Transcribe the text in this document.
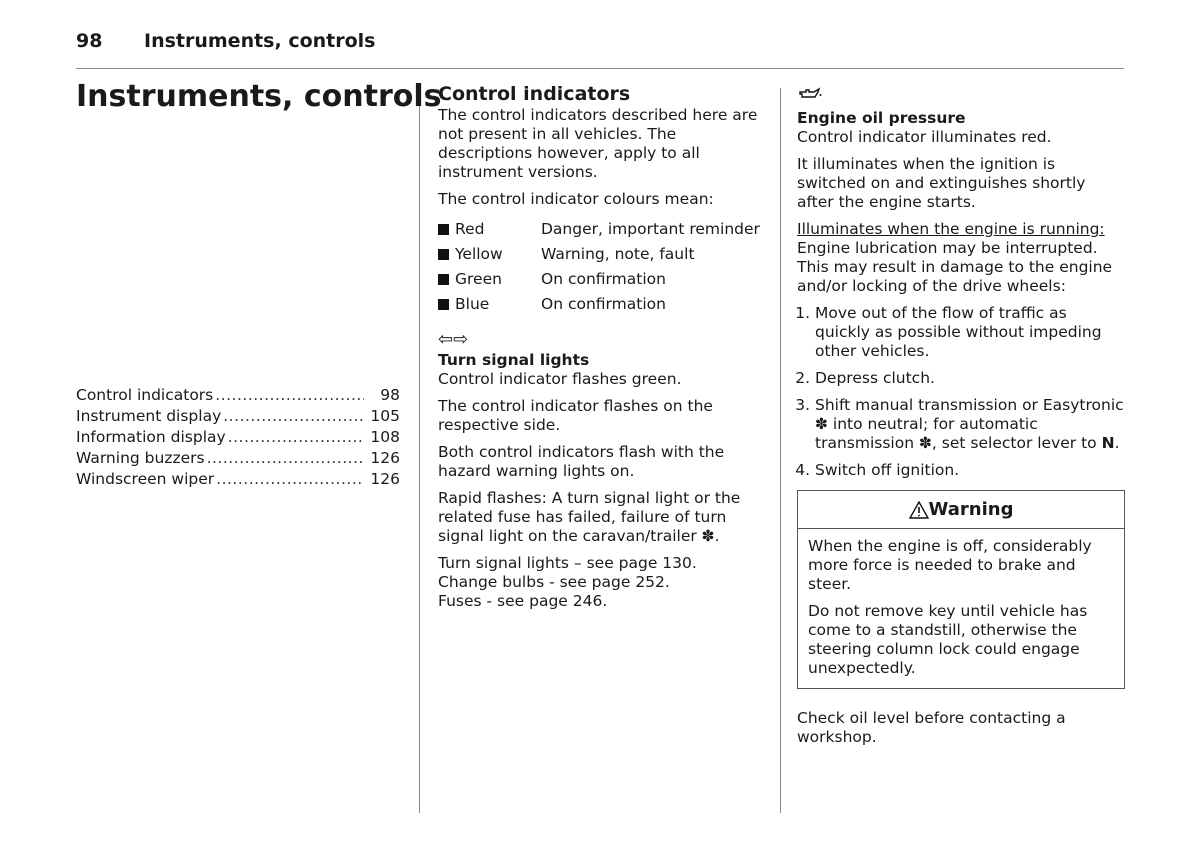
98 Instruments, controls
Instruments, controls
Control indicators .....	98
Instrument display .....	105
Information display .....	108
Warning buzzers .....	126
Windscreen wiper .....	126
Control indicators

The control indicators described here are not present in all vehicles. The descriptions however, apply to all instrument versions.

The control indicator colours mean:

Red	Danger, important reminder
Yellow Warning, note, fault
Green	On confirmation
Blue	On confirmation
⇦⇨
Turn signal lights

Control indicator flashes green.

The control indicator flashes on the respective side.

Both control indicators flash with the hazard warning lights on.

Rapid flashes: A turn signal light or the related fuse has failed, failure of turn signal light on the caravan/trailer ✽.

Turn signal lights – see page 130.
Change bulbs - see page 252.
Fuses - see page 246.
Engine oil pressure

Control indicator illuminates red.

It illuminates when the ignition is switched on and extinguishes shortly after the engine starts.

Illuminates when the engine is running:

Engine lubrication may be interrupted. This may result in damage to the engine and/or locking of the drive wheels:

1. Move out of the flow of traffic as quickly as possible without impeding other vehicles.
2. Depress clutch.
3. Shift manual transmission or Easytronic ✽ into neutral; for automatic transmission ✽, set selector lever to N.
4. Switch off ignition.
Warning

When the engine is off, considerably more force is needed to brake and steer.

Do not remove key until vehicle has come to a standstill, otherwise the steering column lock could engage unexpectedly.

Check oil level before contacting a workshop.
